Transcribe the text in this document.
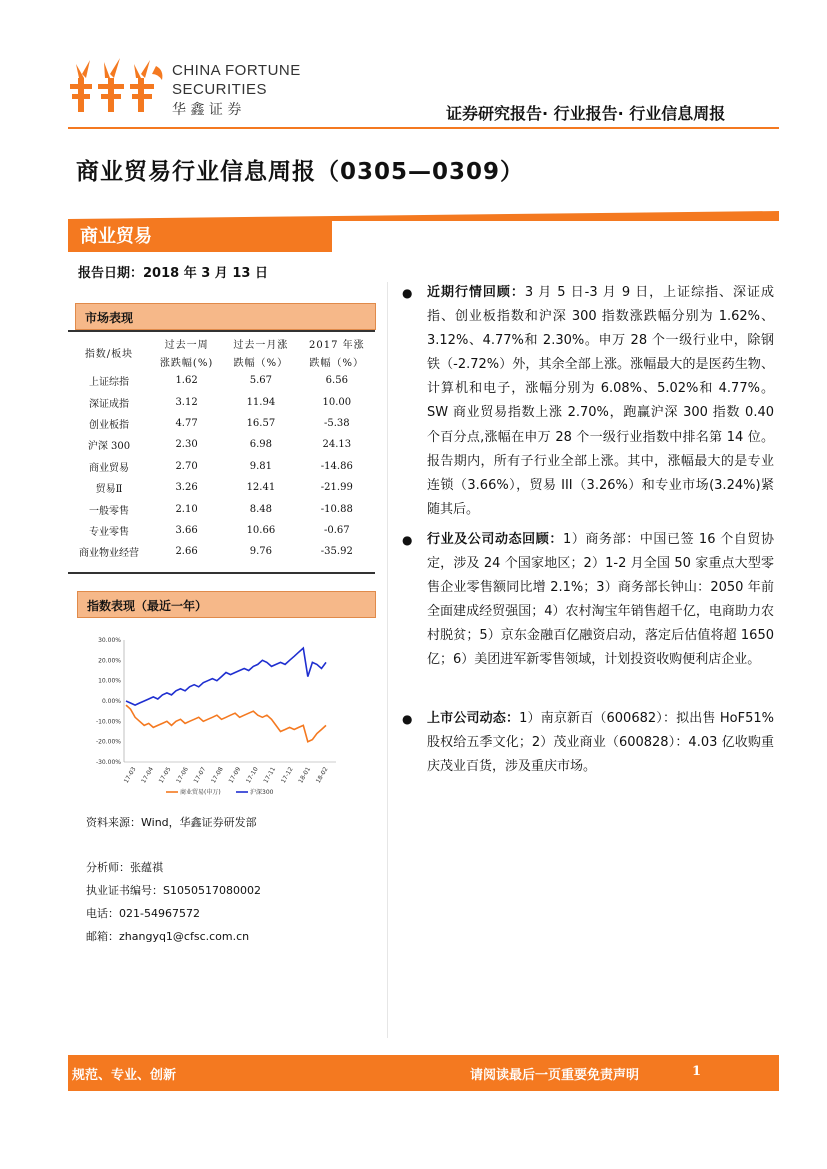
CHINA FORTUNE
SECURITIES
华 鑫 证 券	证券研究报告· 行业报告· 行业信息周报
商业贸易行业信息周报（0305—0309）
商业贸易
报告日期：2018 年 3 月 13 日
市场表现
指数/板块	过去一周	过去一月涨	2017 年涨
	涨跌幅(%)	跌幅（%）	跌幅（%）
上证综指	1.62	5.67	6.56
深证成指	3.12	11.94	10.00
创业板指	4.77	16.57	-5.38
沪深 300	2.30	6.98	24.13
商业贸易	2.70	9.81	-14.86
贸易Ⅱ	3.26	12.41	-21.99
一般零售	2.10	8.48	-10.88
专业零售	3.66	10.66	-0.67
商业物业经营	2.66	9.76	-35.92
指数表现（最近一年）
30.00%
20.00%
10.00%
0.00%
-10.00%
-20.00%
-30.00%
17-03 17-04 17-05 17-06 17-07 17-08 17-09 17-10 17-11 17-12 18-01 18-02
商业贸易(申万)	沪深300
资料来源：Wind，华鑫证券研发部
分析师：张蕴祺
执业证书编号：S1050517080002
电话：021-54967572
邮箱：zhangyq1@cfsc.com.cn
● 近期行情回顾：3 月 5 日-3 月 9 日，上证综指、深证成指、创业板指数和沪深 300 指数涨跌幅分别为 1.62%、3.12%、4.77%和 2.30%。申万 28 个一级行业中，除钢铁（-2.72%）外，其余全部上涨。涨幅最大的是医药生物、计算机和电子，涨幅分别为 6.08%、5.02%和 4.77%。SW 商业贸易指数上涨 2.70%，跑赢沪深 300 指数 0.40 个百分点,涨幅在申万 28 个一级行业指数中排名第 14 位。报告期内，所有子行业全部上涨。其中，涨幅最大的是专业连锁（3.66%），贸易 III（3.26%）和专业市场(3.24%)紧随其后。
● 行业及公司动态回顾：1）商务部：中国已签 16 个自贸协定，涉及 24 个国家地区；2）1-2 月全国 50 家重点大型零售企业零售额同比增 2.1%；3）商务部长钟山：2050 年前全面建成经贸强国；4）农村淘宝年销售超千亿，电商助力农村脱贫；5）京东金融百亿融资启动，落定后估值将超 1650 亿；6）美团进军新零售领域，计划投资收购便利店企业。
● 上市公司动态：1）南京新百（600682）：拟出售 HoF51%股权给五季文化；2）茂业商业（600828）：4.03 亿收购重庆茂业百货，涉及重庆市场。
规范、专业、创新	请阅读最后一页重要免责声明	1
